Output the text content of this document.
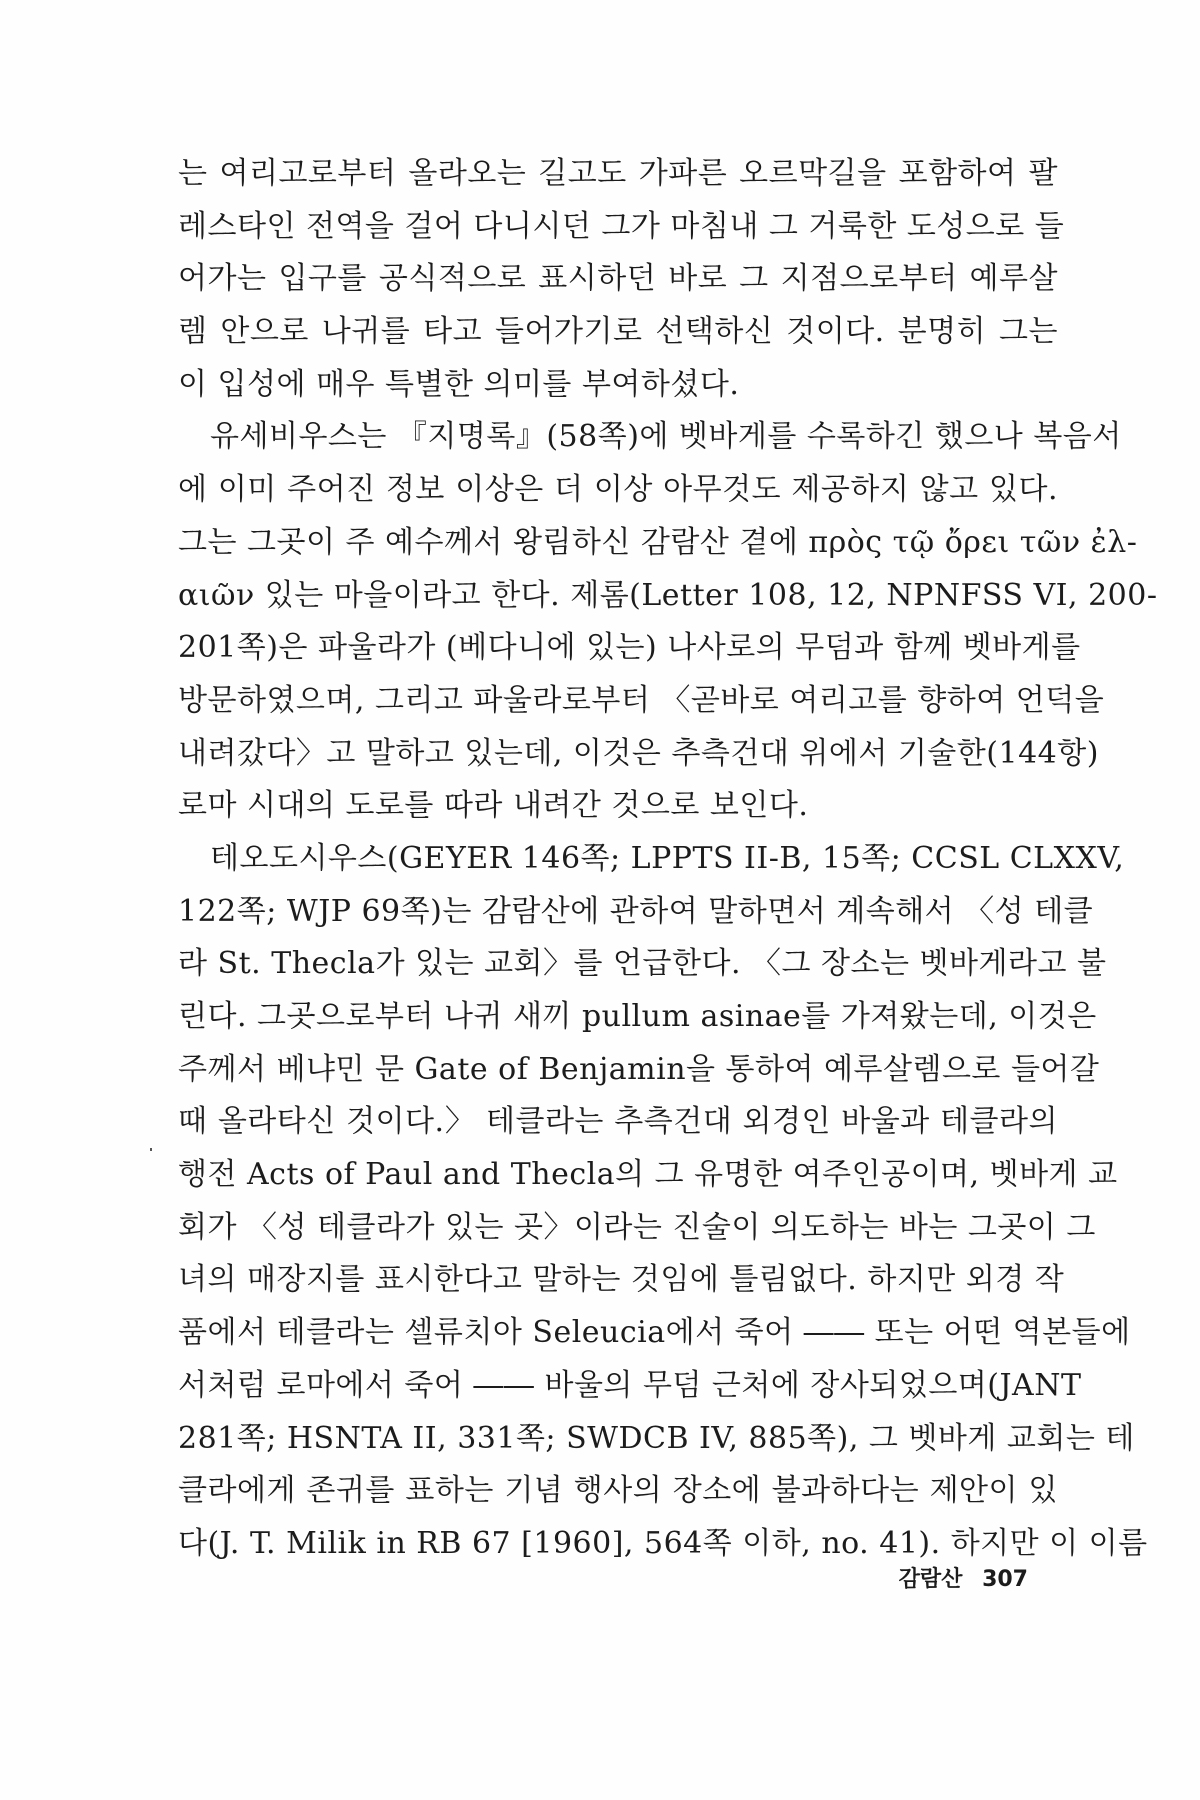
는 여리고로부터 올라오는 길고도 가파른 오르막길을 포함하여 팔
레스타인 전역을 걸어 다니시던 그가 마침내 그 거룩한 도성으로 들
어가는 입구를 공식적으로 표시하던 바로 그 지점으로부터 예루살
렘 안으로 나귀를 타고 들어가기로 선택하신 것이다. 분명히 그는
이 입성에 매우 특별한 의미를 부여하셨다.
유세비우스는 『지명록』(58쪽)에 벳바게를 수록하긴 했으나 복음서
에 이미 주어진 정보 이상은 더 이상 아무것도 제공하지 않고 있다.
그는 그곳이 주 예수께서 왕림하신 감람산 곁에 πρὸς τῷ ὄρει τῶν ἐλ-
αιῶν 있는 마을이라고 한다. 제롬(Letter 108, 12, NPNFSS VI, 200-
201쪽)은 파울라가 (베다니에 있는) 나사로의 무덤과 함께 벳바게를
방문하였으며, 그리고 파울라로부터 〈곧바로 여리고를 향하여 언덕을
내려갔다〉고 말하고 있는데, 이것은 추측건대 위에서 기술한(144항)
로마 시대의 도로를 따라 내려간 것으로 보인다.
테오도시우스(GEYER 146쪽; LPPTS II-B, 15쪽; CCSL CLXXV,
122쪽; WJP 69쪽)는 감람산에 관하여 말하면서 계속해서 〈성 테클
라 St. Thecla가 있는 교회〉를 언급한다. 〈그 장소는 벳바게라고 불
린다. 그곳으로부터 나귀 새끼 pullum asinae를 가져왔는데, 이것은
주께서 베냐민 문 Gate of Benjamin을 통하여 예루살렘으로 들어갈
때 올라타신 것이다.〉 테클라는 추측건대 외경인 바울과 테클라의
행전 Acts of Paul and Thecla의 그 유명한 여주인공이며, 벳바게 교
회가 〈성 테클라가 있는 곳〉이라는 진술이 의도하는 바는 그곳이 그
녀의 매장지를 표시한다고 말하는 것임에 틀림없다. 하지만 외경 작
품에서 테클라는 셀류치아 Seleucia에서 죽어 ―― 또는 어떤 역본들에
서처럼 로마에서 죽어 ―― 바울의 무덤 근처에 장사되었으며(JANT
281쪽; HSNTA II, 331쪽; SWDCB IV, 885쪽), 그 벳바게 교회는 테
클라에게 존귀를 표하는 기념 행사의 장소에 불과하다는 제안이 있
다(J. T. Milik in RB 67 [1960], 564쪽 이하, no. 41). 하지만 이 이름
감람산 307
